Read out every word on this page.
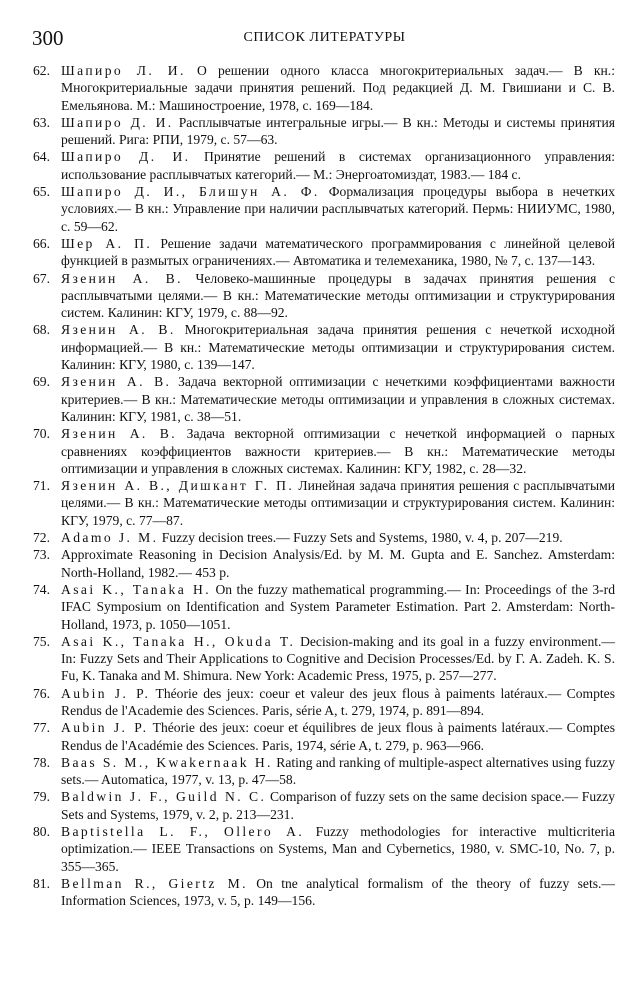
300	СПИСОК ЛИТЕРАТУРЫ
62. Шапиро Л. И. О решении одного класса многокритериальных задач.— В кн.: Многокритериальные задачи принятия решений. Под редакцией Д. М. Гвишиани и С. В. Емельянова. М.: Машиностроение, 1978, с. 169—184.
63. Шапиро Д. И. Расплывчатые интегральные игры.— В кн.: Методы и системы принятия решений. Рига: РПИ, 1979, с. 57—63.
64. Шапиро Д. И. Принятие решений в системах организационного управления: использование расплывчатых категорий.— М.: Энергоатомиздат, 1983.— 184 с.
65. Шапиро Д. И., Блишун А. Ф. Формализация процедуры выбора в нечетких условиях.— В кн.: Управление при наличии расплывчатых категорий. Пермь: НИИУМС, 1980, с. 59—62.
66. Шер А. П. Решение задачи математического программирования с линейной целевой функцией в размытых ограничениях.— Автоматика и телемеханика, 1980, № 7, с. 137—143.
67. Язенин А. В. Человеко-машинные процедуры в задачах принятия решения с расплывчатыми целями.— В кн.: Математические методы оптимизации и структурирования систем. Калинин: КГУ, 1979, с. 88—92.
68. Язенин А. В. Многокритериальная задача принятия решения с нечеткой исходной информацией.— В кн.: Математические методы оптимизации и структурирования систем. Калинин: КГУ, 1980, с. 139—147.
69. Язенин А. В. Задача векторной оптимизации с нечеткими коэффициентами важности критериев.— В кн.: Математические методы оптимизации и управления в сложных системах. Калинин: КГУ, 1981, с. 38—51.
70. Язенин А. В. Задача векторной оптимизации с нечеткой информацией о парных сравнениях коэффициентов важности критериев.— В кн.: Математические методы оптимизации и управления в сложных системах. Калинин: КГУ, 1982, с. 28—32.
71. Язенин А. В., Дишкант Г. П. Линейная задача принятия решения с расплывчатыми целями.— В кн.: Математические методы оптимизации и структурирования систем. Калинин: КГУ, 1979, с. 77—87.
72. Adamo J. M. Fuzzy decision trees.— Fuzzy Sets and Systems, 1980, v. 4, p. 207—219.
73. Approximate Reasoning in Decision Analysis/Ed. by M. M. Gupta and E. Sanchez. Amsterdam: North-Holland, 1982.— 453 p.
74. Asai K., Tanaka H. On the fuzzy mathematical programming.— In: Proceedings of the 3-rd IFAC Symposium on Identification and System Parameter Estimation. Part 2. Amsterdam: North-Holland, 1973, p. 1050—1051.
75. Asai K., Tanaka H., Okuda T. Decision-making and its goal in a fuzzy environment.— In: Fuzzy Sets and Their Applications to Cognitive and Decision Processes/Ed. by Г. A. Zadeh. K. S. Fu, K. Tanaka and M. Shimura. New York: Academic Press, 1975, p. 257—277.
76. Aubin J. P. Théorie des jeux: coeur et valeur des jeux flous à paiments latéraux.— Comptes Rendus de l'Academie des Sciences. Paris, série A, t. 279, 1974, p. 891—894.
77. Aubin J. P. Théorie des jeux: coeur et équilibres de jeux flous à paiments latéraux.— Comptes Rendus de l'Académie des Sciences. Paris, 1974, série A, t. 279, p. 963—966.
78. Baas S. M., Kwakernaak H. Rating and ranking of multiple-aspect alternatives using fuzzy sets.— Automatica, 1977, v. 13, p. 47—58.
79. Baldwin J. F., Guild N. C. Comparison of fuzzy sets on the same decision space.— Fuzzy Sets and Systems, 1979, v. 2, p. 213—231.
80. Baptistella L. F., Ollero A. Fuzzy methodologies for interactive multicriteria optimization.— IEEE Transactions on Systems, Man and Cybernetics, 1980, v. SMC-10, No. 7, p. 355—365.
81. Bellman R., Giertz M. On tne analytical formalism of the theory of fuzzy sets.— Information Sciences, 1973, v. 5, p. 149—156.
